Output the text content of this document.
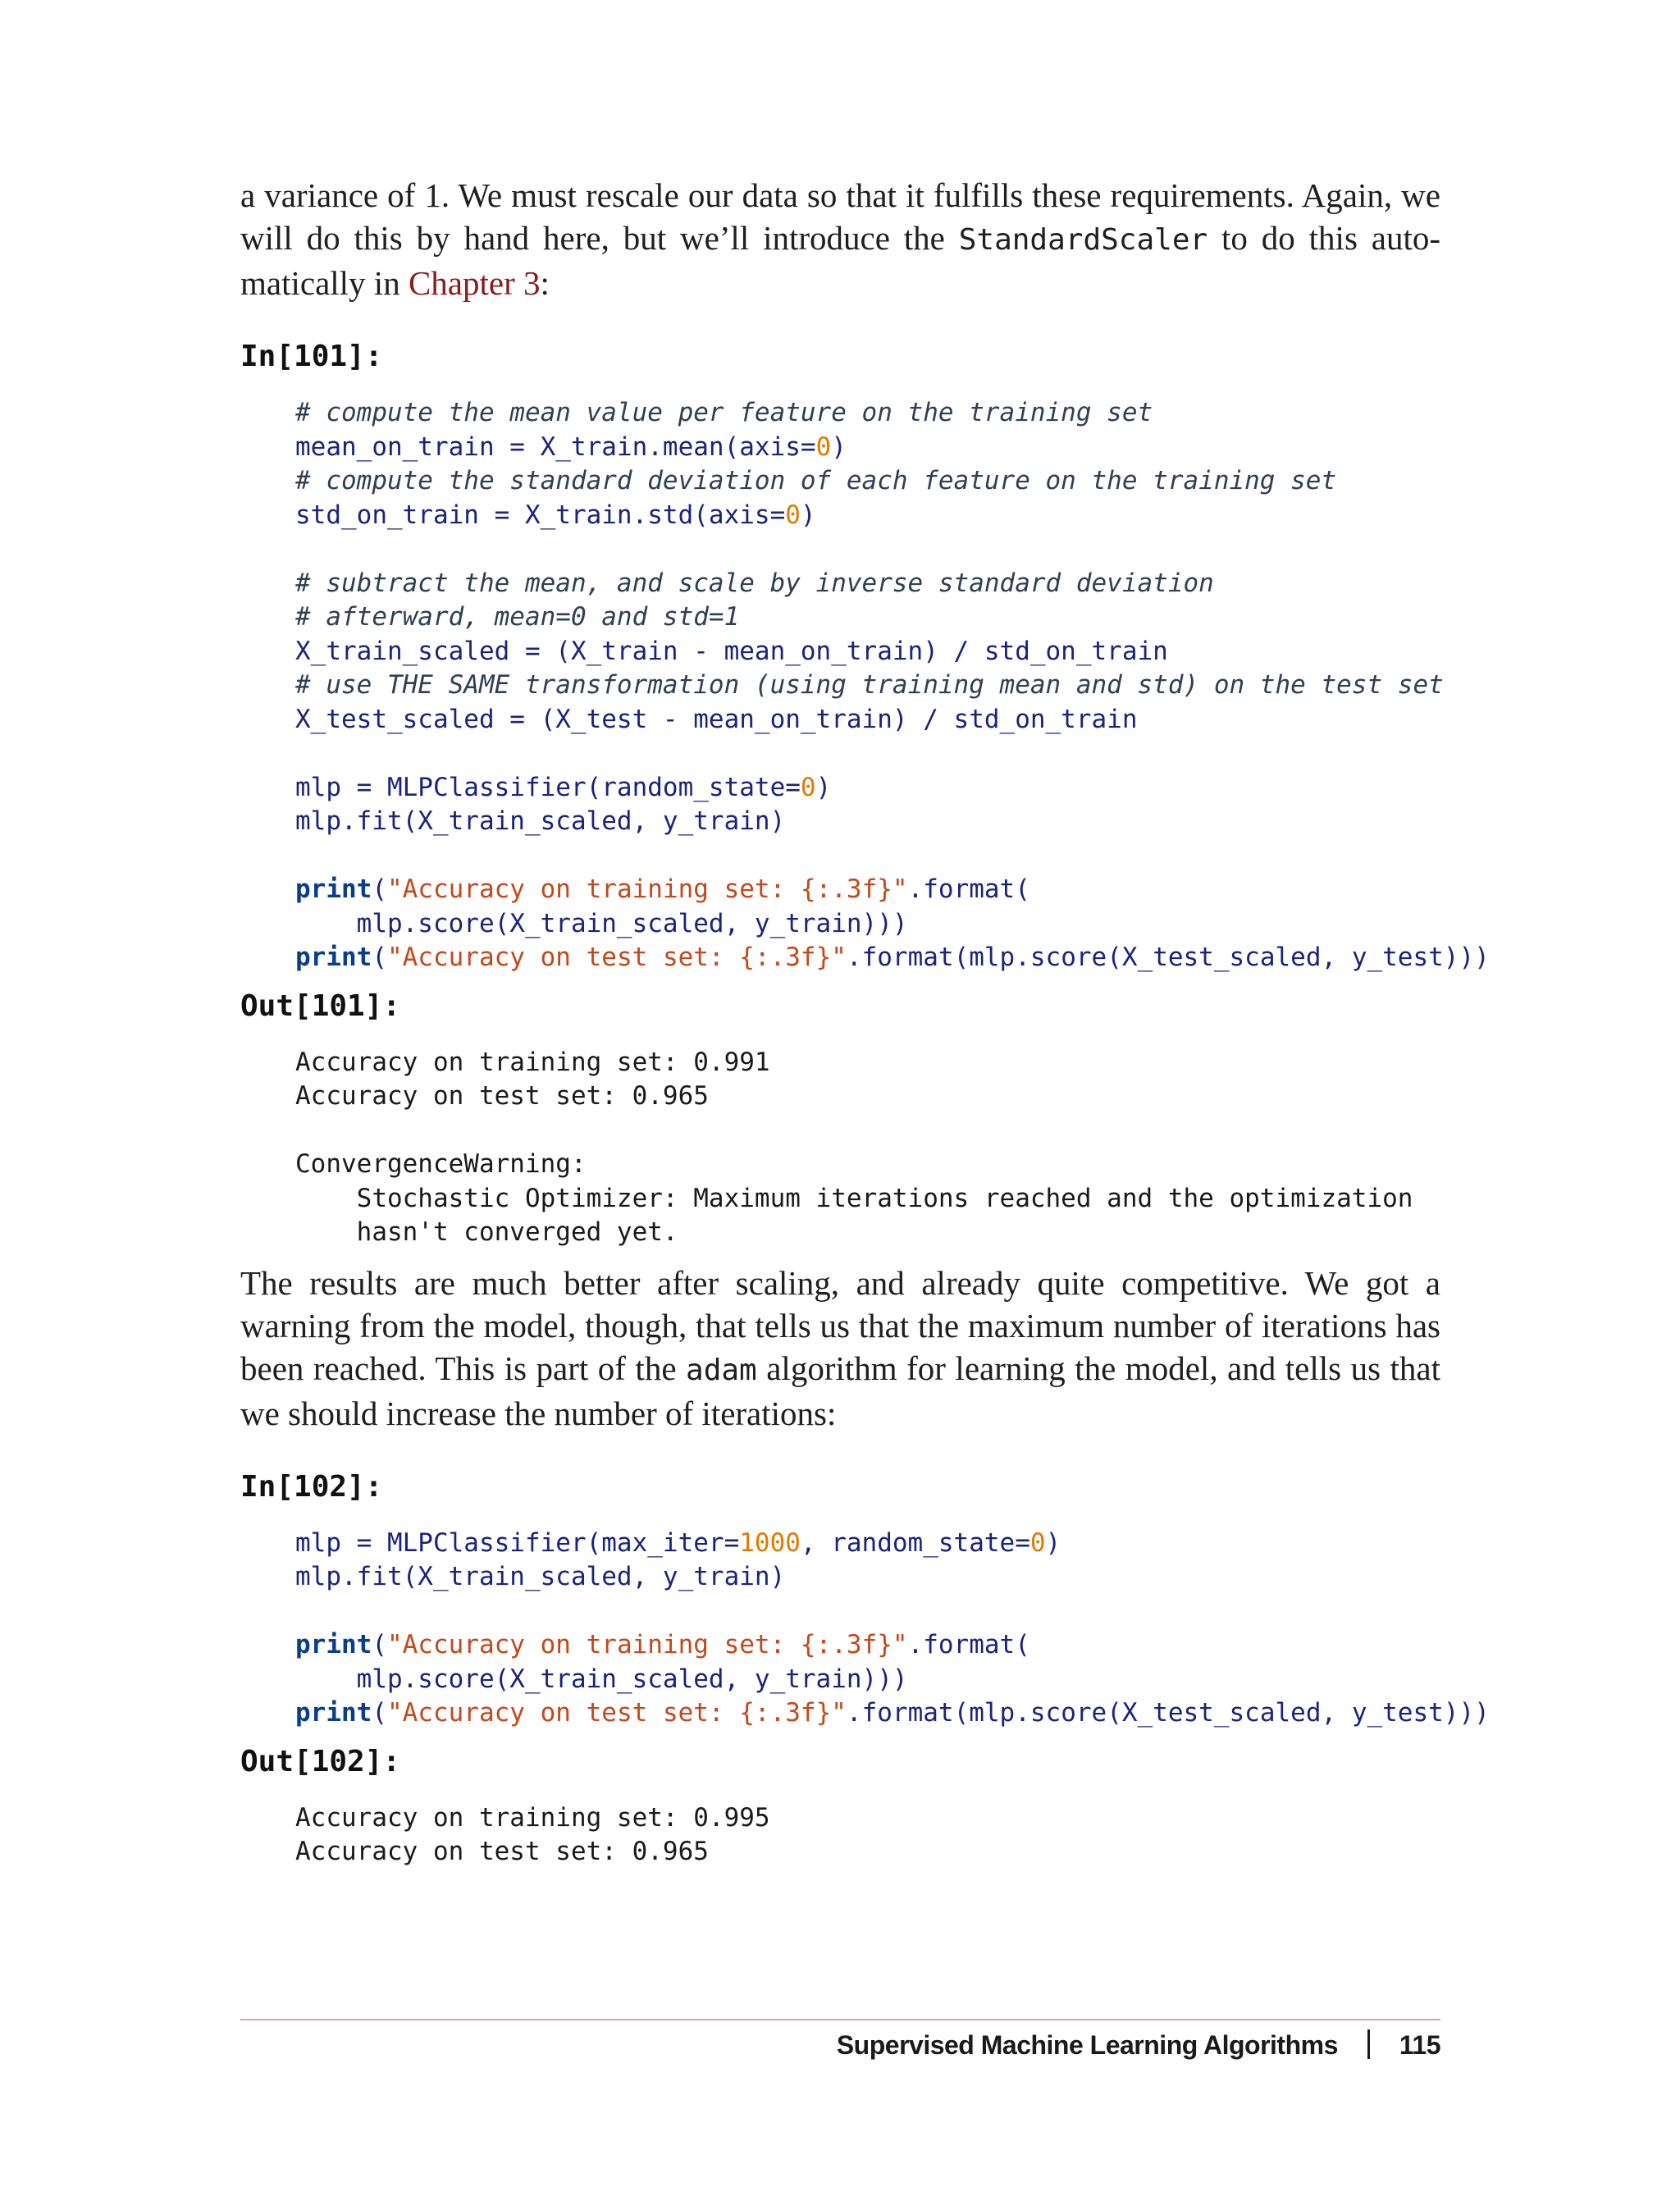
a variance of 1. We must rescale our data so that it fulfills these requirements. Again, we will do this by hand here, but we’ll introduce the StandardScaler to do this automatically in Chapter 3:

In[101]:

# compute the mean value per feature on the training set
mean_on_train = X_train.mean(axis=0)
# compute the standard deviation of each feature on the training set
std_on_train = X_train.std(axis=0)
# subtract the mean, and scale by inverse standard deviation
# afterward, mean=0 and std=1
X_train_scaled = (X_train - mean_on_train) / std_on_train
# use THE SAME transformation (using training mean and std) on the test set
X_test_scaled = (X_test - mean_on_train) / std_on_train
mlp = MLPClassifier(random_state=0)
mlp.fit(X_train_scaled, y_train)
print("Accuracy on training set: {:.3f}".format(
mlp.score(X_train_scaled, y_train)))
print("Accuracy on test set: {:.3f}".format(mlp.score(X_test_scaled, y_test)))

Out[101]:

Accuracy on training set: 0.991
Accuracy on test set: 0.965
ConvergenceWarning:
Stochastic Optimizer: Maximum iterations reached and the optimization
hasn't converged yet.

The results are much better after scaling, and already quite competitive. We got a warning from the model, though, that tells us that the maximum number of iterations has been reached. This is part of the adam algorithm for learning the model, and tells us that we should increase the number of iterations:

In[102]:

mlp = MLPClassifier(max_iter=1000, random_state=0)
mlp.fit(X_train_scaled, y_train)
print("Accuracy on training set: {:.3f}".format(
mlp.score(X_train_scaled, y_train)))
print("Accuracy on test set: {:.3f}".format(mlp.score(X_test_scaled, y_test)))

Out[102]:

Accuracy on training set: 0.995
Accuracy on test set: 0.965
Supervised Machine Learning Algorithms 115
